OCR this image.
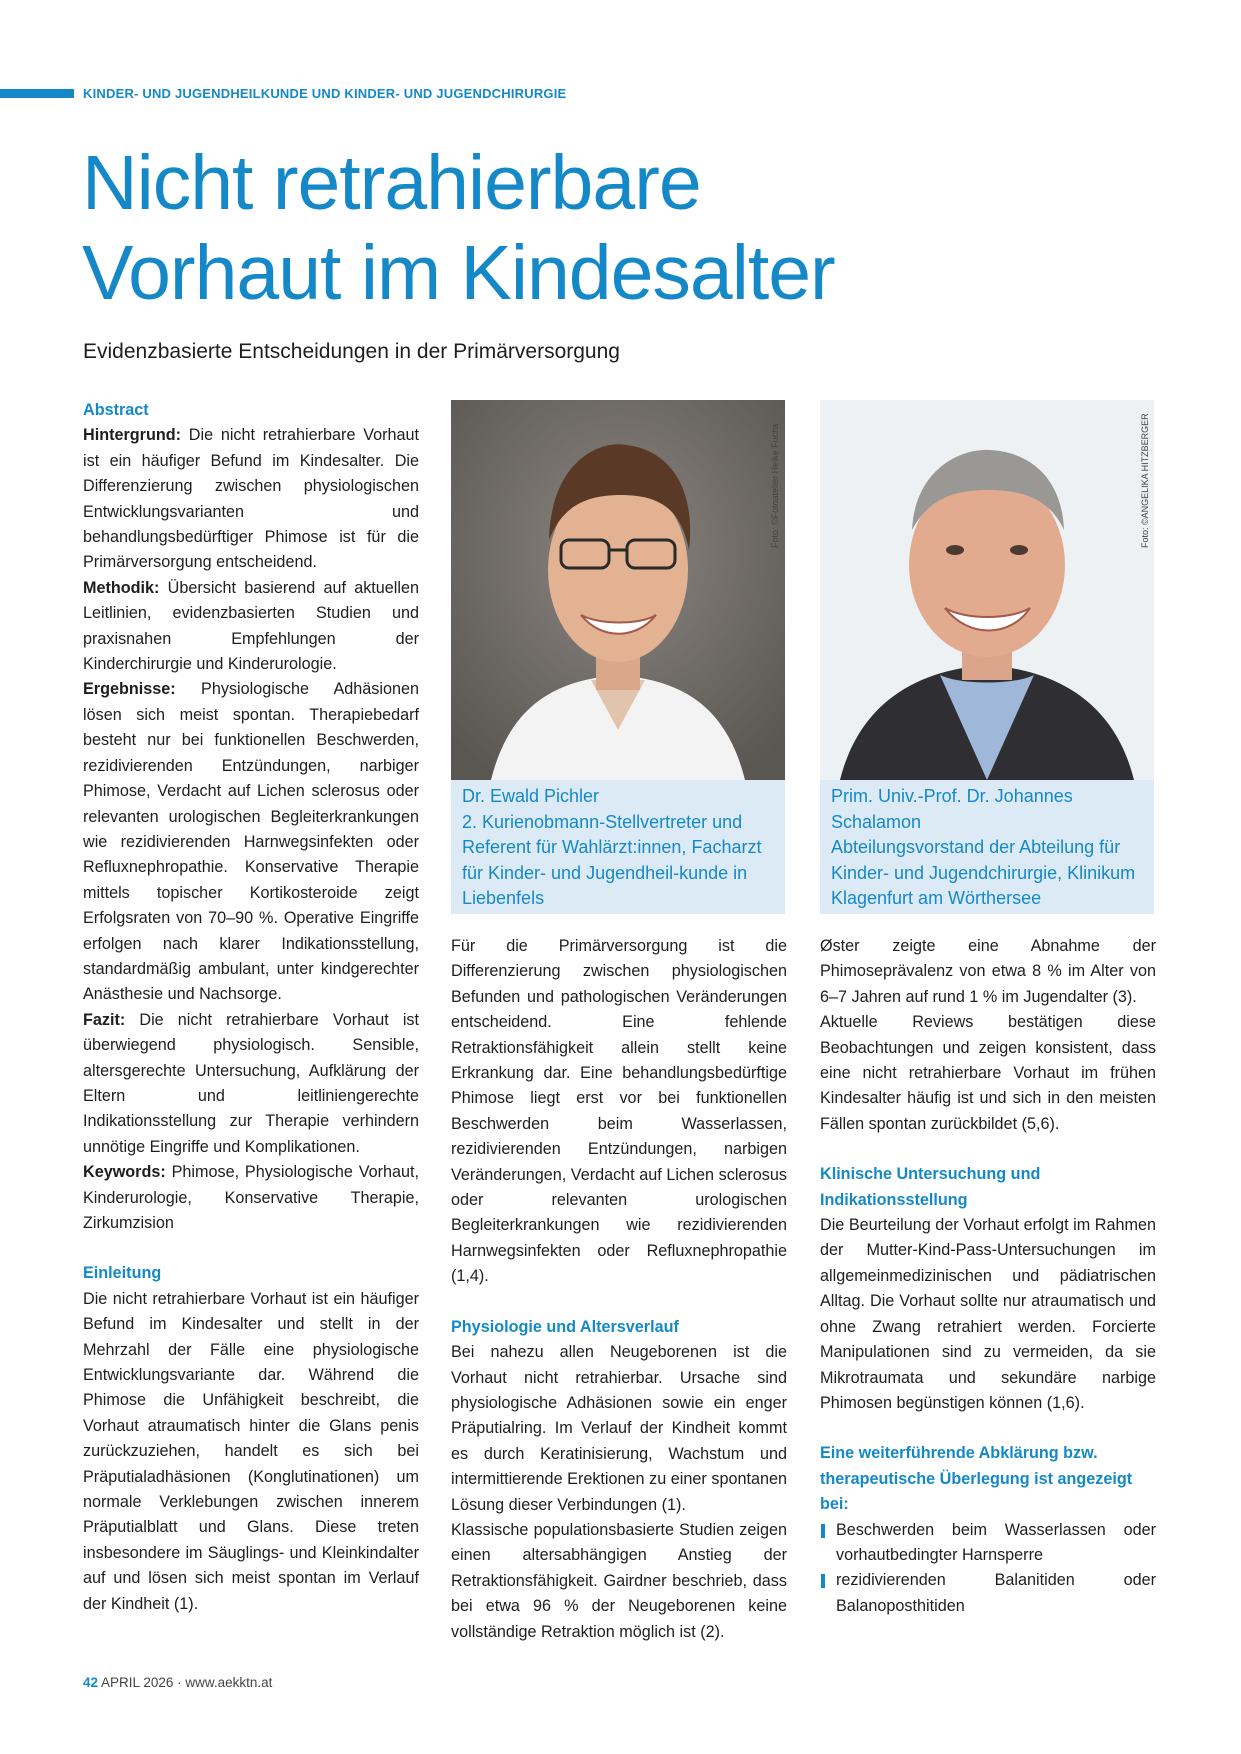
KINDER- UND JUGENDHEILKUNDE UND KINDER- UND JUGENDCHIRURGIE
Nicht retrahierbare
Vorhaut im Kindesalter
Evidenzbasierte Entscheidungen in der Primärversorgung
Abstract

Hintergrund: Die nicht retrahierbare Vorhaut ist ein häufiger Befund im Kindesalter. Die Differenzierung zwischen physiologischen Entwicklungsvarianten und behandlungsbedürftiger Phimose ist für die Primärversorgung entscheidend.

Methodik: Übersicht basierend auf aktuellen Leitlinien, evidenzbasierten Studien und praxisnahen Empfehlungen der Kinderchirurgie und Kinderurologie.

Ergebnisse: Physiologische Adhäsionen lösen sich meist spontan. Therapiebedarf besteht nur bei funktionellen Beschwerden, rezidivierenden Entzündungen, narbiger Phimose, Verdacht auf Lichen sclerosus oder relevanten urologischen Begleiterkrankungen wie rezidivierenden Harnwegsinfekten oder Refluxnephropathie. Konservative Therapie mittels topischer Kortikosteroide zeigt Erfolgsraten von 70–90 %. Operative Eingriffe erfolgen nach klarer Indikationsstellung, standardmäßig ambulant, unter kindgerechter Anästhesie und Nachsorge.

Fazit: Die nicht retrahierbare Vorhaut ist überwiegend physiologisch. Sensible, altersgerechte Untersuchung, Aufklärung der Eltern und leitliniengerechte Indikationsstellung zur Therapie verhindern unnötige Eingriffe und Komplikationen.

Keywords: Phimose, Physiologische Vorhaut, Kinderurologie, Konservative Therapie, Zirkumzision

Einleitung

Die nicht retrahierbare Vorhaut ist ein häufiger Befund im Kindesalter und stellt in der Mehrzahl der Fälle eine physiologische Entwicklungsvariante dar. Während die Phimose die Unfähigkeit beschreibt, die Vorhaut atraumatisch hinter die Glans penis zurückzuziehen, handelt es sich bei Präputialadhäsionen (Konglutinationen) um normale Verklebungen zwischen innerem Präputialblatt und Glans. Diese treten insbesondere im Säuglings- und Kleinkindalter auf und lösen sich meist spontan im Verlauf der Kindheit (1).

Foto: ©Fotoatelier Heike Fuchs
Dr. Ewald Pichler
2. Kurienobmann-Stellvertreter und Referent für Wahlärzt:innen, Facharzt für Kinder- und Jugendheil-kunde in Liebenfels
Foto: ©ANGELIKA HITZBERGER
Prim. Univ.-Prof. Dr. Johannes Schalamon
Abteilungsvorstand der Abteilung für Kinder- und Jugendchirurgie, Klinikum Klagenfurt am Wörthersee

Für die Primärversorgung ist die Differenzierung zwischen physiologischen Befunden und pathologischen Veränderungen entscheidend. Eine fehlende Retraktionsfähigkeit allein stellt keine Erkrankung dar. Eine behandlungsbedürftige Phimose liegt erst vor bei funktionellen Beschwerden beim Wasserlassen, rezidivierenden Entzündungen, narbigen Veränderungen, Verdacht auf Lichen sclerosus oder relevanten urologischen Begleiterkrankungen wie rezidivierenden Harnwegsinfekten oder Refluxnephropathie (1,4).

Physiologie und Altersverlauf

Bei nahezu allen Neugeborenen ist die Vorhaut nicht retrahierbar. Ursache sind physiologische Adhäsionen sowie ein enger Präputialring. Im Verlauf der Kindheit kommt es durch Keratinisierung, Wachstum und intermittierende Erektionen zu einer spontanen Lösung dieser Verbindungen (1).

Klassische populationsbasierte Studien zeigen einen altersabhängigen Anstieg der Retraktionsfähigkeit. Gairdner beschrieb, dass bei etwa 96 % der Neugeborenen keine vollständige Retraktion möglich ist (2).

Øster zeigte eine Abnahme der Phimoseprävalenz von etwa 8 % im Alter von 6–7 Jahren auf rund 1 % im Jugendalter (3).

Aktuelle Reviews bestätigen diese Beobachtungen und zeigen konsistent, dass eine nicht retrahierbare Vorhaut im frühen Kindesalter häufig ist und sich in den meisten Fällen spontan zurückbildet (5,6).

Klinische Untersuchung und Indikationsstellung

Die Beurteilung der Vorhaut erfolgt im Rahmen der Mutter-Kind-Pass-Untersuchungen im allgemeinmedizinischen und pädiatrischen Alltag. Die Vorhaut sollte nur atraumatisch und ohne Zwang retrahiert werden. Forcierte Manipulationen sind zu vermeiden, da sie Mikrotraumata und sekundäre narbige Phimosen begünstigen können (1,6).

Eine weiterführende Abklärung bzw. therapeutische Überlegung ist angezeigt bei:

Beschwerden beim Wasserlassen oder vorhautbedingter Harnsperre

rezidivierenden Balanitiden oder Balanoposthitiden

42 APRIL 2026 · www.aekktn.at
